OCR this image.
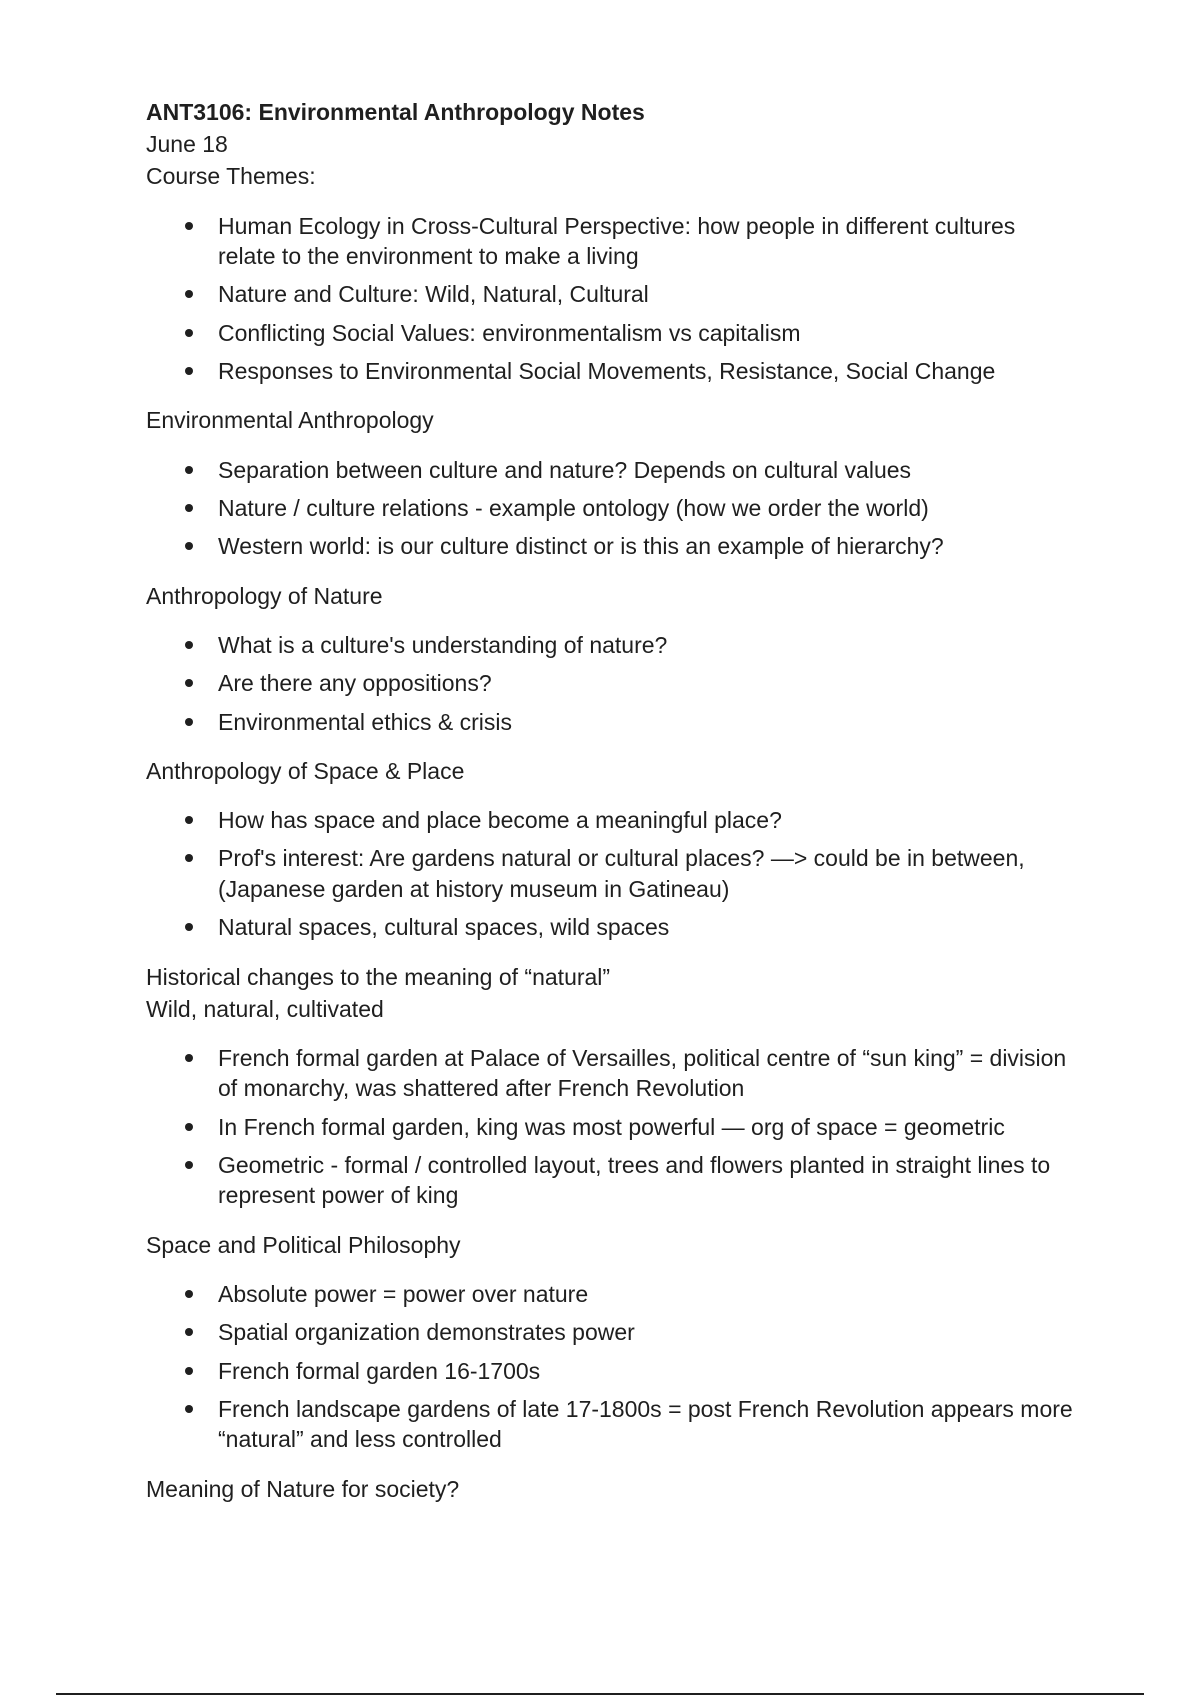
ANT3106: Environmental Anthropology Notes

June 18

Course Themes:

Human Ecology in Cross-Cultural Perspective: how people in different cultures relate to the environment to make a living
Nature and Culture: Wild, Natural, Cultural
Conflicting Social Values: environmentalism vs capitalism
Responses to Environmental Social Movements, Resistance, Social Change

Environmental Anthropology

Separation between culture and nature? Depends on cultural values
Nature / culture relations - example ontology (how we order the world)
Western world: is our culture distinct or is this an example of hierarchy?

Anthropology of Nature

What is a culture's understanding of nature?
Are there any oppositions?
Environmental ethics & crisis

Anthropology of Space & Place

How has space and place become a meaningful place?
Prof's interest: Are gardens natural or cultural places? —> could be in between, (Japanese garden at history museum in Gatineau)
Natural spaces, cultural spaces, wild spaces

Historical changes to the meaning of “natural”

Wild, natural, cultivated

French formal garden at Palace of Versailles, political centre of “sun king” = division of monarchy, was shattered after French Revolution
In French formal garden, king was most powerful — org of space = geometric
Geometric - formal / controlled layout, trees and flowers planted in straight lines to represent power of king

Space and Political Philosophy

Absolute power = power over nature
Spatial organization demonstrates power
French formal garden 16-1700s
French landscape gardens of late 17-1800s = post French Revolution appears more “natural” and less controlled

Meaning of Nature for society?
